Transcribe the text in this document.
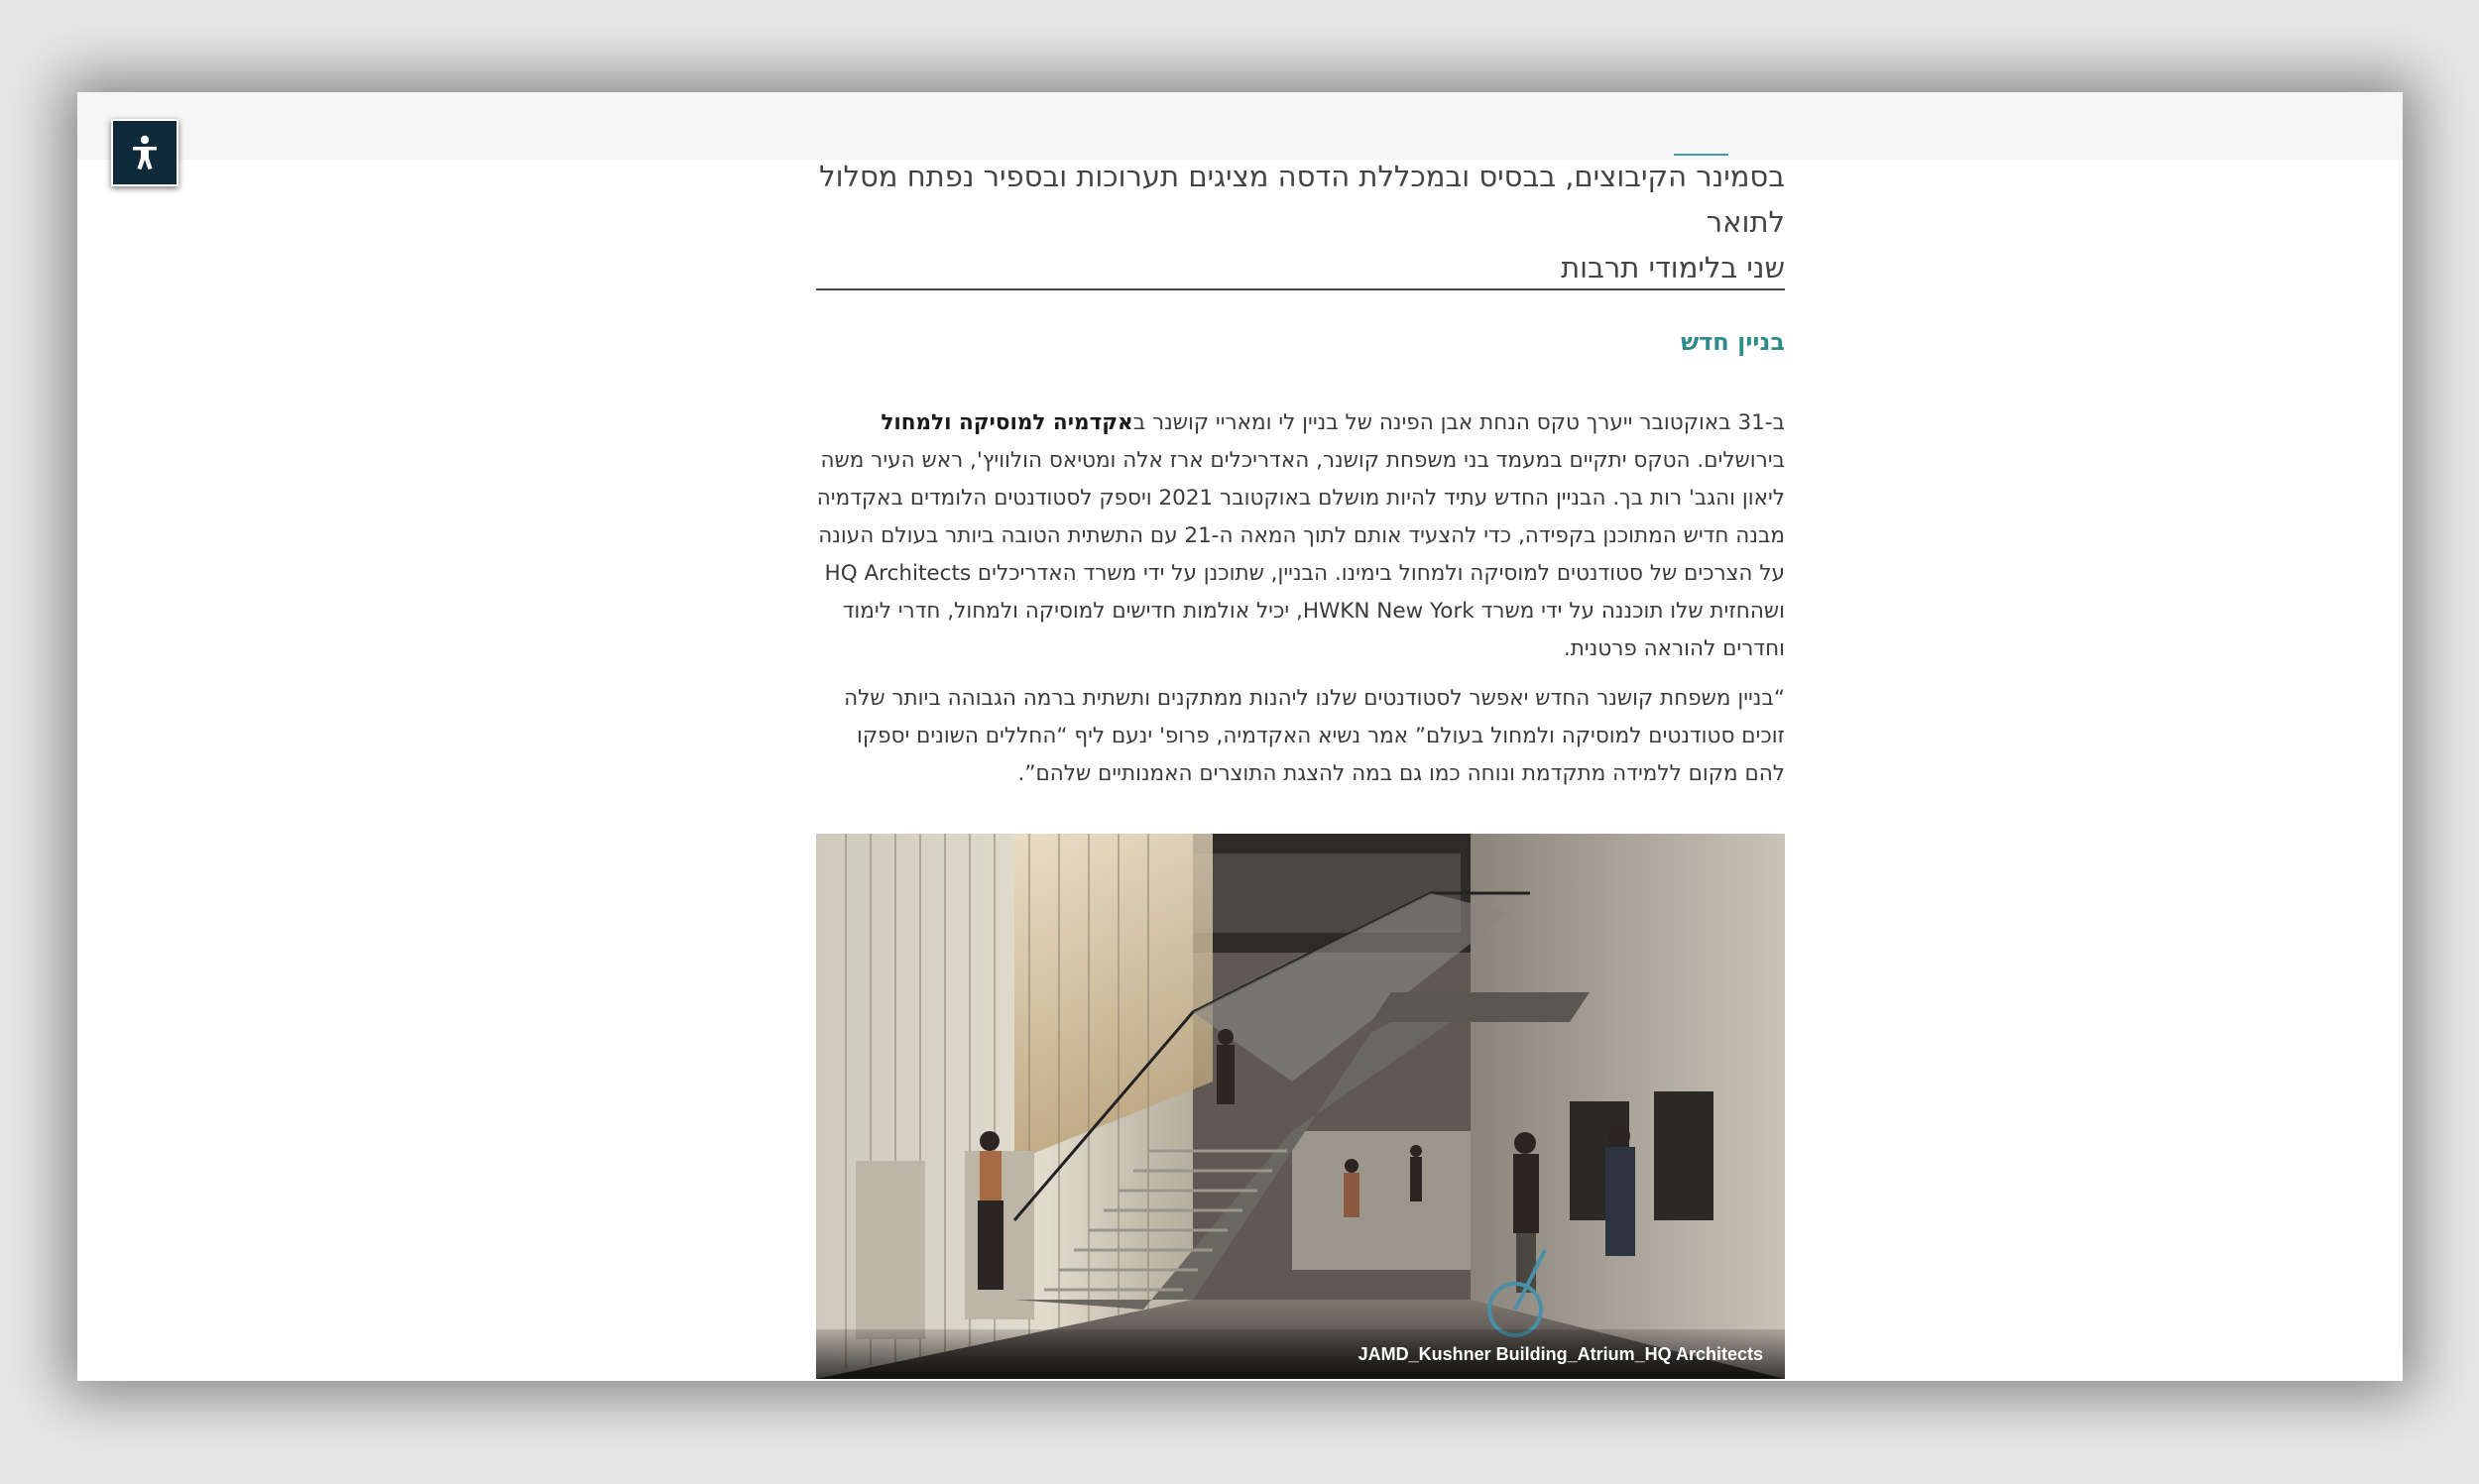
בסמינר הקיבוצים, בבסיס ובמכללת הדסה מציגים תערוכות ובספיר נפתח מסלול לתואר
שני בלימודי תרבות

בניין חדש

ב-31 באוקטובר ייערך טקס הנחת אבן הפינה של בניין לי ומאריי קושנר באקדמיה למוסיקה ולמחול בירושלים. הטקס יתקיים במעמד בני משפחת קושנר, האדריכלים ארז אלה ומטיאס הולוויץ', ראש העיר משה ליאון והגב' רות בך. הבניין החדש עתיד להיות מושלם באוקטובר 2021 ויספק לסטודנטים הלומדים באקדמיה מבנה חדיש המתוכנן בקפידה, כדי להצעיד אותם לתוך המאה ה-21 עם התשתית הטובה ביותר בעולם העונה על הצרכים של סטודנטים למוסיקה ולמחול בימינו. הבניין, שתוכנן על ידי משרד האדריכלים HQ Architects ושהחזית שלו תוכננה על ידי משרד HWKN New York, יכיל אולמות חדישים למוסיקה ולמחול, חדרי לימוד וחדרים להוראה פרטנית.

“בניין משפחת קושנר החדש יאפשר לסטודנטים שלנו ליהנות ממתקנים ותשתית ברמה הגבוהה ביותר שלה זוכים סטודנטים למוסיקה ולמחול בעולם” אמר נשיא האקדמיה, פרופ' ינעם ליף “החללים השונים יספקו להם מקום ללמידה מתקדמת ונוחה כמו גם במה להצגת התוצרים האמנותיים שלהם”.

JAMD_Kushner Building_Atrium_HQ Architects
